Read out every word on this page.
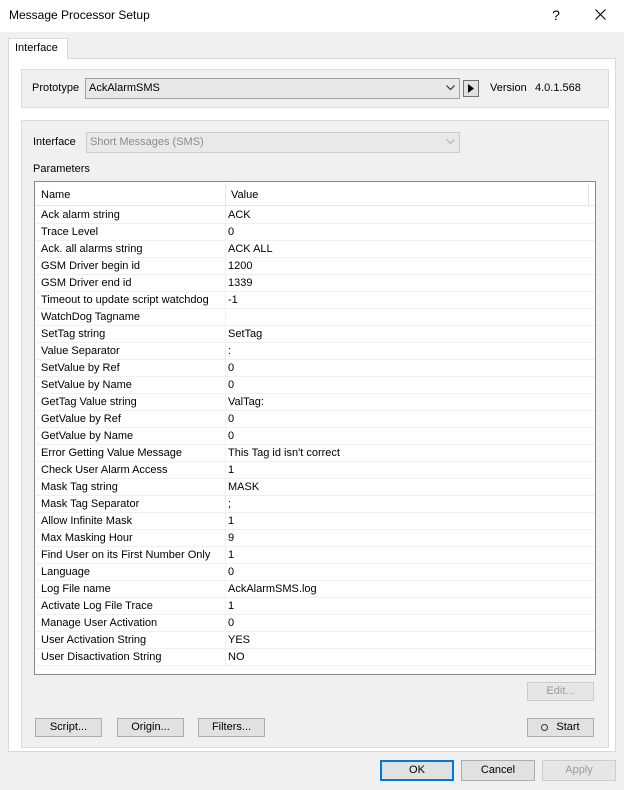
Message Processor Setup	?
Interface
Prototype AckAlarmSMS	Version 4.0.1.568
Interface	Short Messages (SMS)
Parameters
Name	Value
Ack alarm string	ACK
Trace Level	0
Ack. all alarms string	ACK ALL
GSM Driver begin id	1200
GSM Driver end id	1339
Timeout to update script watchdog -1
WatchDog Tagname
SetTag string	SetTag
Value Separator	:
SetValue by Ref	0
SetValue by Name	0
GetTag Value string	ValTag:
GetValue by Ref	0
GetValue by Name	0
Error Getting Value Message	This Tag id isn't correct
Check User Alarm Access	1
Mask Tag string	MASK
Mask Tag Separator	;
Allow Infinite Mask	1
Max Masking Hour	9
Find User on its First Number Only 1
Language	0
Log File name	AckAlarmSMS.log
Activate Log File Trace	1
Manage User Activation	0
User Activation String	YES
User Disactivation String	NO
Edit...
Script...	Origin...	Filters...	Start
OK	Cancel	Apply
